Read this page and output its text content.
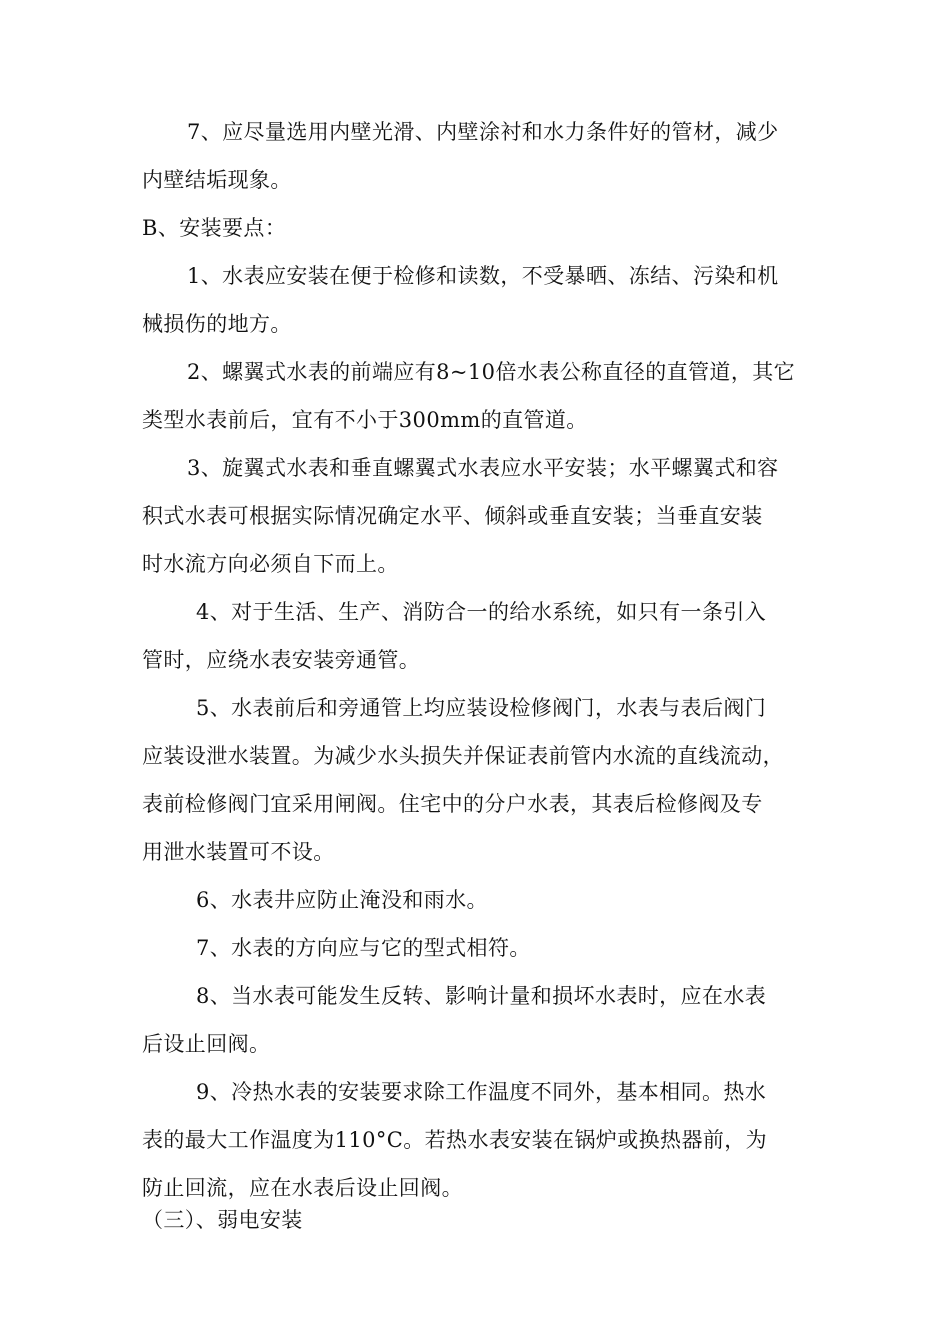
7、应尽量选用内壁光滑、内壁涂衬和水力条件好的管材，减少
内壁结垢现象。
B、安装要点：
1、水表应安装在便于检修和读数，不受暴晒、冻结、污染和机
械损伤的地方。
2、螺翼式水表的前端应有8~10倍水表公称直径的直管道，其它
类型水表前后，宜有不小于300mm的直管道。
3、旋翼式水表和垂直螺翼式水表应水平安装；水平螺翼式和容
积式水表可根据实际情况确定水平、倾斜或垂直安装；当垂直安装
时水流方向必须自下而上。
4、对于生活、生产、消防合一的给水系统，如只有一条引入
管时，应绕水表安装旁通管。
5、水表前后和旁通管上均应装设检修阀门，水表与表后阀门
应装设泄水装置。为减少水头损失并保证表前管内水流的直线流动，
表前检修阀门宜采用闸阀。住宅中的分户水表，其表后检修阀及专
用泄水装置可不设。
6、水表井应防止淹没和雨水。
7、水表的方向应与它的型式相符。
8、当水表可能发生反转、影响计量和损坏水表时，应在水表
后设止回阀。
9、冷热水表的安装要求除工作温度不同外，基本相同。热水
表的最大工作温度为110°C。若热水表安装在锅炉或换热器前，为
防止回流，应在水表后设止回阀。
（三）、弱电安装
